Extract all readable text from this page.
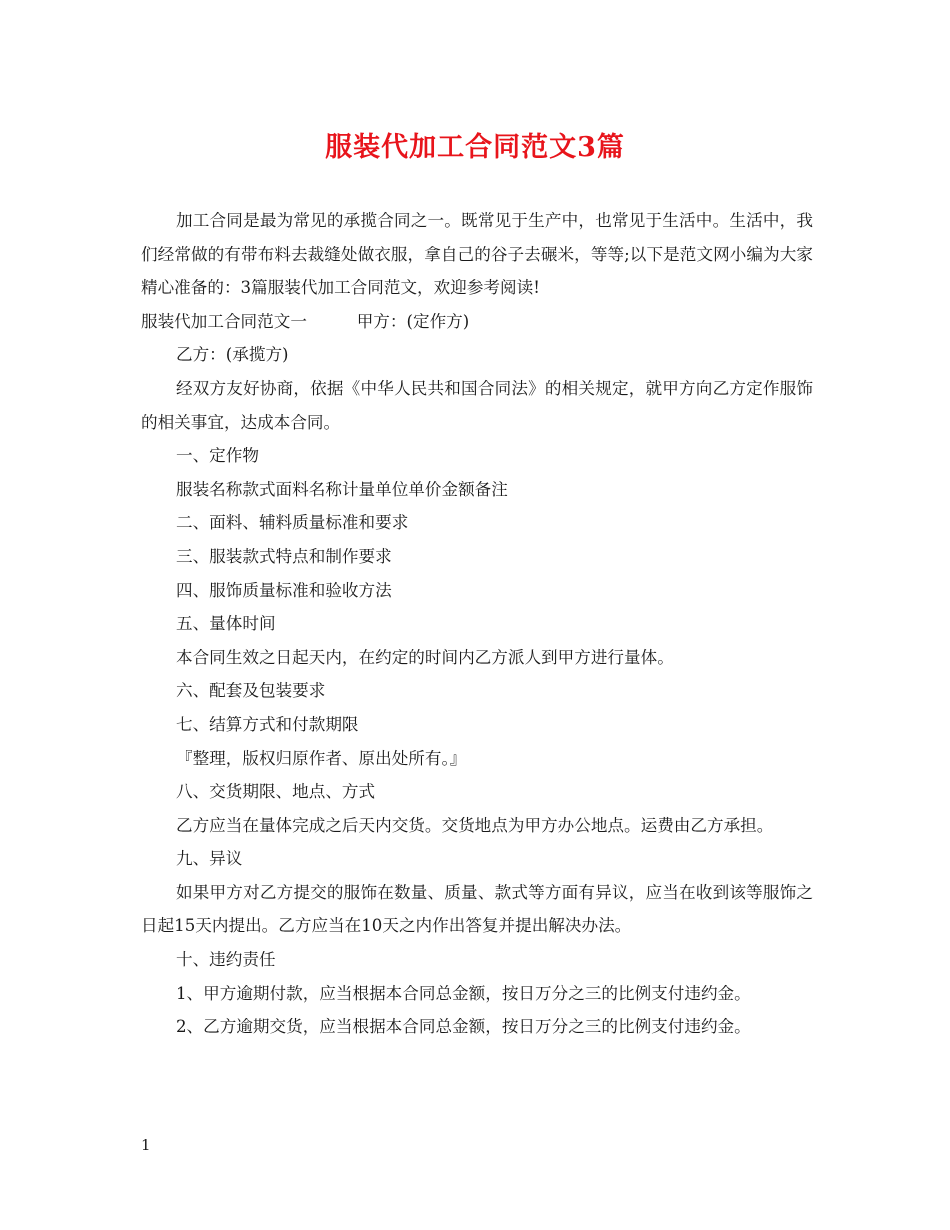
服装代加工合同范文3篇

加工合同是最为常见的承揽合同之一。既常见于生产中，也常见于生活中。生活中，我们经常做的有带布料去裁缝处做衣服，拿自己的谷子去碾米，等等;以下是范文网小编为大家精心准备的：3篇服装代加工合同范文，欢迎参考阅读!

服装代加工合同范文一　　　甲方：(定作方)

乙方：(承揽方)

经双方友好协商，依据《中华人民共和国合同法》的相关规定，就甲方向乙方定作服饰的相关事宜，达成本合同。

一、定作物

服装名称款式面料名称计量单位单价金额备注

二、面料、辅料质量标准和要求

三、服装款式特点和制作要求

四、服饰质量标准和验收方法

五、量体时间

本合同生效之日起天内，在约定的时间内乙方派人到甲方进行量体。

六、配套及包装要求

七、结算方式和付款期限

『整理，版权归原作者、原出处所有。』

八、交货期限、地点、方式

乙方应当在量体完成之后天内交货。交货地点为甲方办公地点。运费由乙方承担。

九、异议

如果甲方对乙方提交的服饰在数量、质量、款式等方面有异议，应当在收到该等服饰之日起15天内提出。乙方应当在10天之内作出答复并提出解决办法。

十、违约责任

1、甲方逾期付款，应当根据本合同总金额，按日万分之三的比例支付违约金。

2、乙方逾期交货，应当根据本合同总金额，按日万分之三的比例支付违约金。

1
